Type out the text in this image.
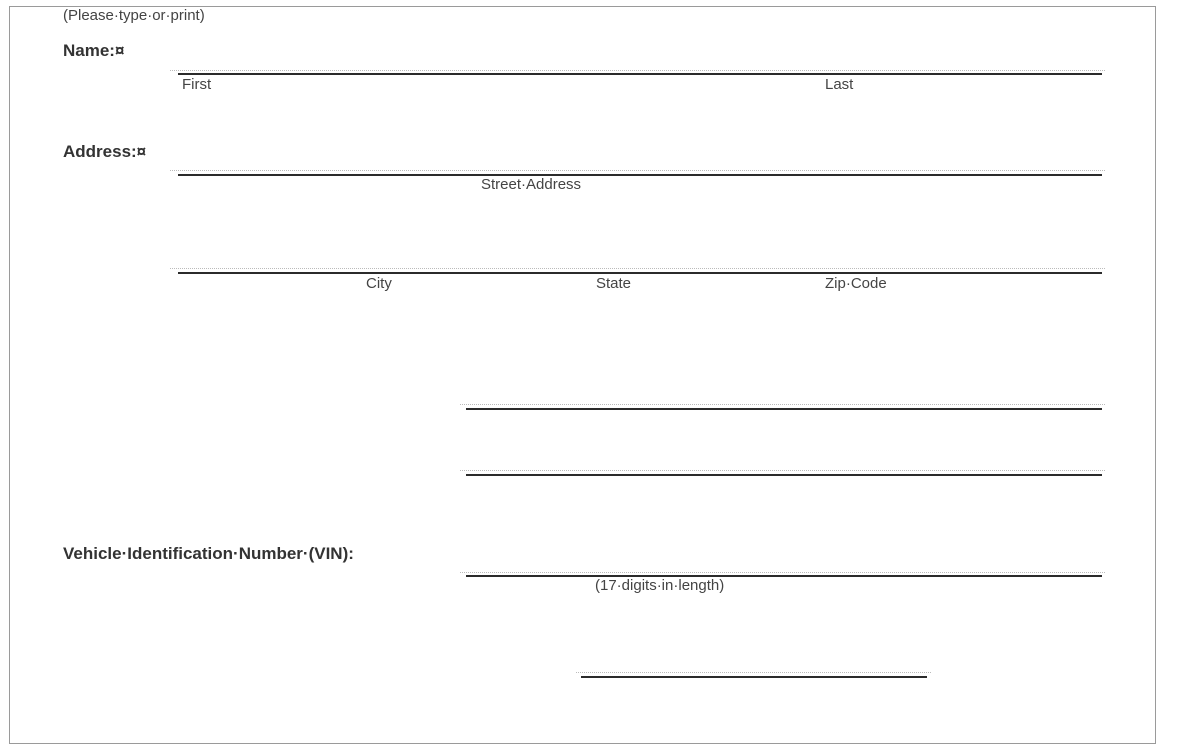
(Please·type·or·print)
Name:¤
First	Last
Address:¤
Street·Address
City	State	Zip·Code
Vehicle·Identification·Number·(VIN):
(17·digits·in·length)
